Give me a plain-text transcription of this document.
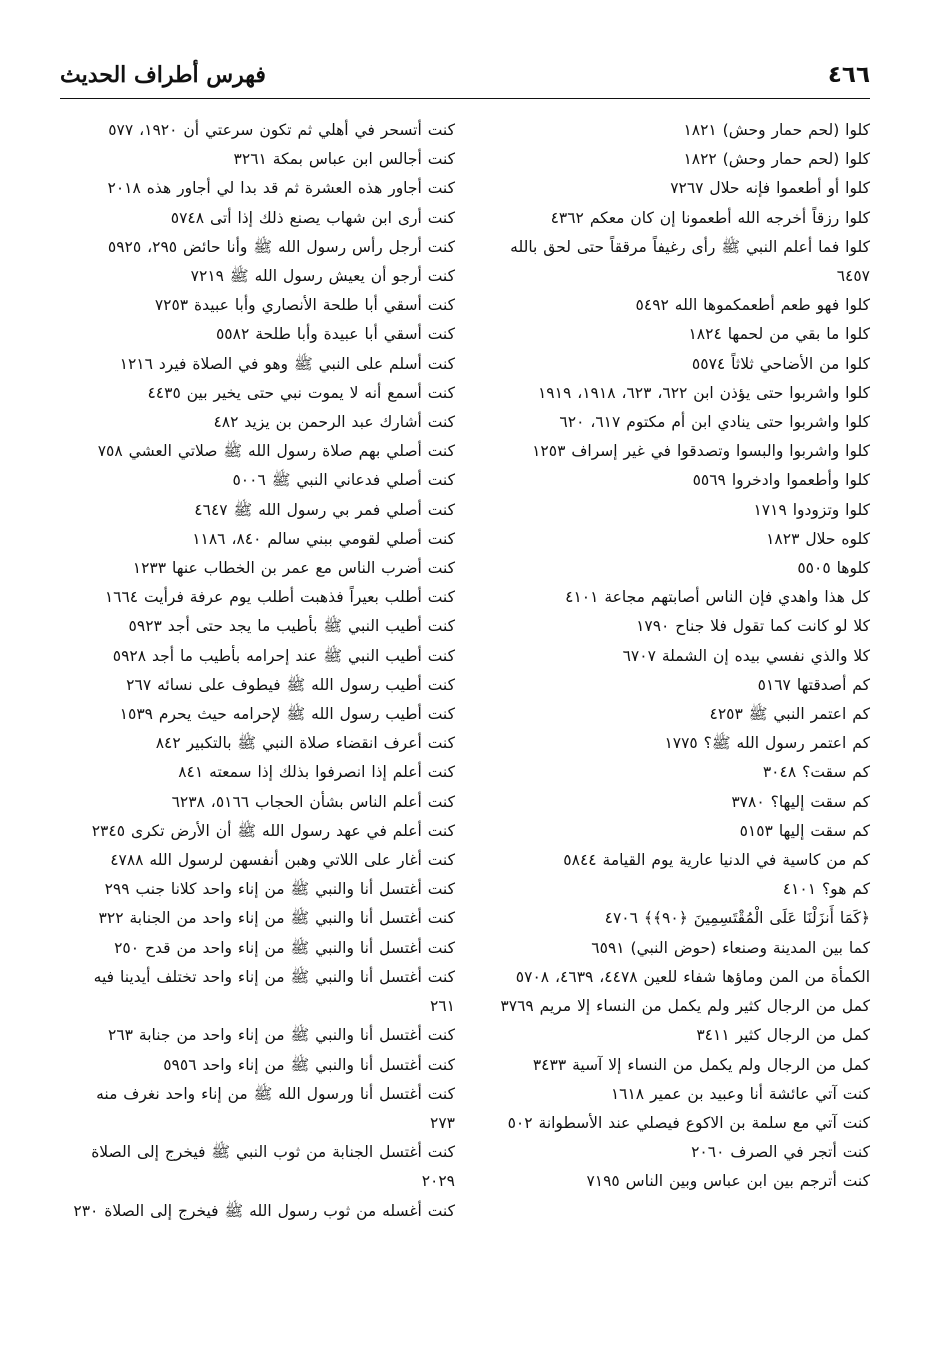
٤٦٦
فهرس أطراف الحديث
كلوا (لحم حمار وحش) ١٨٢١
كلوا (لحم حمار وحش) ١٨٢٢
كلوا أو أطعموا فإنه حلال ٧٢٦٧
كلوا رزقاً أخرجه الله أطعمونا إن كان معكم ٤٣٦٢
كلوا فما أعلم النبي ﷺ رأى رغيفاً مرققاً حتى لحق بالله ٦٤٥٧
كلوا فهو طعم أطعمكموها الله ٥٤٩٢
كلوا ما بقي من لحمها ١٨٢٤
كلوا من الأضاحي ثلاثاً ٥٥٧٤
كلوا واشربوا حتى يؤذن ابن ٦٢٢، ٦٢٣، ١٩١٨، ١٩١٩
كلوا واشربوا حتى ينادي ابن أم مكتوم ٦١٧، ٦٢٠
كلوا واشربوا والبسوا وتصدقوا في غير إسراف ١٢٥٣
كلوا وأطعموا وادخروا ٥٥٦٩
كلوا وتزودوا ١٧١٩
كلوه حلال ١٨٢٣
كلوها ٥٥٠٥
كل هذا واهدي فإن الناس أصابتهم مجاعة ٤١٠١
كلا لو كانت كما تقول فلا جناح ١٧٩٠
كلا والذي نفسي بيده إن الشملة ٦٧٠٧
كم أصدقتها ٥١٦٧
كم اعتمر النبي ﷺ ٤٢٥٣
كم اعتمر رسول الله ﷺ؟ ١٧٧٥
كم سقت؟ ٣٠٤٨
كم سقت إليها؟ ٣٧٨٠
كم سقت إليها ٥١٥٣
كم من كاسية في الدنيا عارية يوم القيامة ٥٨٤٤
كم هو؟ ٤١٠١
﴿كَمَا أَنزَلْنَا عَلَى الْمُقْتَسِمِينَ ﴿٩٠﴾﴾ ٤٧٠٦
كما بين المدينة وصنعاء (حوض النبي) ٦٥٩١
الكمأة من المن وماؤها شفاء للعين ٤٤٧٨، ٤٦٣٩، ٥٧٠٨
كمل من الرجال كثير ولم يكمل من النساء إلا مريم ٣٧٦٩
كمل من الرجال كثير ٣٤١١
كمل من الرجال ولم يكمل من النساء إلا آسية ٣٤٣٣
كنت آتي عائشة أنا وعبيد بن عمير ١٦١٨
كنت آتي مع سلمة بن الاكوع فيصلي عند الأسطوانة ٥٠٢
كنت أتجر في الصرف ٢٠٦٠
كنت أترجم بين ابن عباس وبين الناس ٧١٩٥
كنت أتسحر في أهلي ثم تكون سرعتي أن ١٩٢٠، ٥٧٧
كنت أجالس ابن عباس بمكة ٣٢٦١
كنت أجاور هذه العشرة ثم قد بدا لي أجاور هذه ٢٠١٨
كنت أرى ابن شهاب يصنع ذلك إذا أتى ٥٧٤٨
كنت أرجل رأس رسول الله ﷺ وأنا حائض ٢٩٥، ٥٩٢٥
كنت أرجو أن يعيش رسول الله ﷺ ٧٢١٩
كنت أسقي أبا طلحة الأنصاري وأبا عبيدة ٧٢٥٣
كنت أسقي أبا عبيدة وأبا طلحة ٥٥٨٢
كنت أسلم على النبي ﷺ وهو في الصلاة فيرد ١٢١٦
كنت أسمع أنه لا يموت نبي حتى يخير بين ٤٤٣٥
كنت أشارك عبد الرحمن بن يزيد ٤٨٢
كنت أصلي بهم صلاة رسول الله ﷺ صلاتي العشي ٧٥٨
كنت أصلي فدعاني النبي ﷺ ٥٠٠٦
كنت أصلي فمر بي رسول الله ﷺ ٤٦٤٧
كنت أصلي لقومي ببني سالم ٨٤٠، ١١٨٦
كنت أضرب الناس مع عمر بن الخطاب عنها ١٢٣٣
كنت أطلب بعيراً فذهبت أطلب يوم عرفة فرأيت ١٦٦٤
كنت أطيب النبي ﷺ بأطيب ما يجد حتى أجد ٥٩٢٣
كنت أطيب النبي ﷺ عند إحرامه بأطيب ما أجد ٥٩٢٨
كنت أطيب رسول الله ﷺ فيطوف على نسائه ٢٦٧
كنت أطيب رسول الله ﷺ لإحرامه حيث يحرم ١٥٣٩
كنت أعرف انقضاء صلاة النبي ﷺ بالتكبير ٨٤٢
كنت أعلم إذا انصرفوا بذلك إذا سمعته ٨٤١
كنت أعلم الناس بشأن الحجاب ٥١٦٦، ٦٢٣٨
كنت أعلم في عهد رسول الله ﷺ أن الأرض تكرى ٢٣٤٥
كنت أغار على اللاتي وهبن أنفسهن لرسول الله ٤٧٨٨
كنت أغتسل أنا والنبي ﷺ من إناء واحد كلانا جنب ٢٩٩
كنت أغتسل أنا والنبي ﷺ من إناء واحد من الجنابة ٣٢٢
كنت أغتسل أنا والنبي ﷺ من إناء واحد من قدح ٢٥٠
كنت أغتسل أنا والنبي ﷺ من إناء واحد تختلف أيدينا فيه ٢٦١
كنت أغتسل أنا والنبي ﷺ من إناء واحد من جنابة ٢٦٣
كنت أغتسل أنا والنبي ﷺ من إناء واحد ٥٩٥٦
كنت أغتسل أنا ورسول الله ﷺ من إناء واحد نغرف منه ٢٧٣
كنت أغتسل الجنابة من ثوب النبي ﷺ فيخرج إلى الصلاة ٢٠٢٩
كنت أغسله من ثوب رسول الله ﷺ فيخرج إلى الصلاة ٢٣٠
